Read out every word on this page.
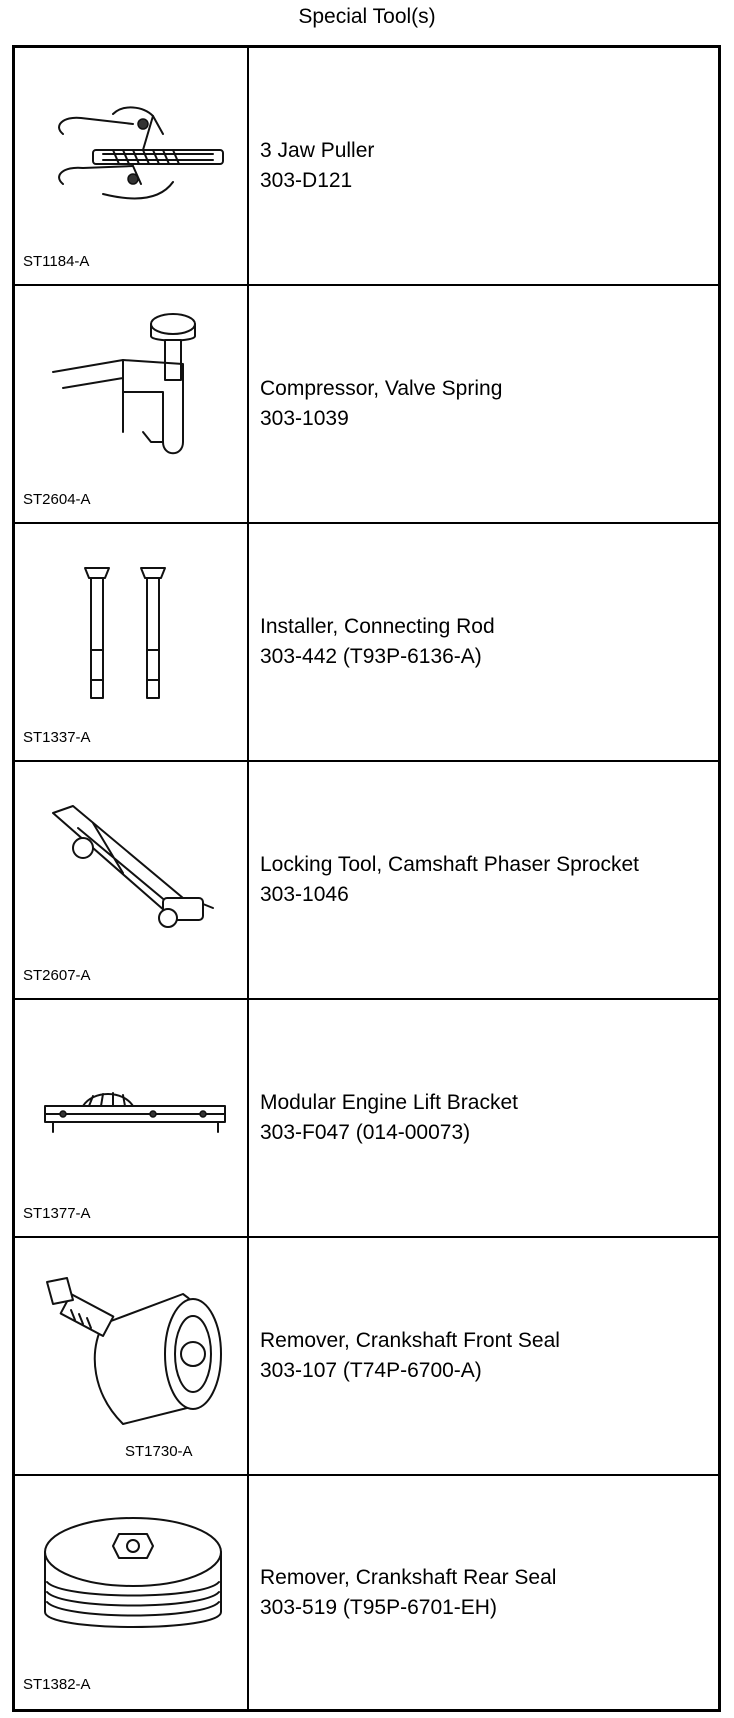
Special Tool(s)
ST1184-A
3 Jaw Puller
303-D121
ST2604-A
Compressor, Valve Spring
303-1039
ST1337-A
Installer, Connecting Rod
303-442 (T93P-6136-A)
ST2607-A
Locking Tool, Camshaft Phaser Sprocket
303-1046
ST1377-A
Modular Engine Lift Bracket
303-F047 (014-00073)
ST1730-A
Remover, Crankshaft Front Seal
303-107 (T74P-6700-A)
ST1382-A
Remover, Crankshaft Rear Seal
303-519 (T95P-6701-EH)
